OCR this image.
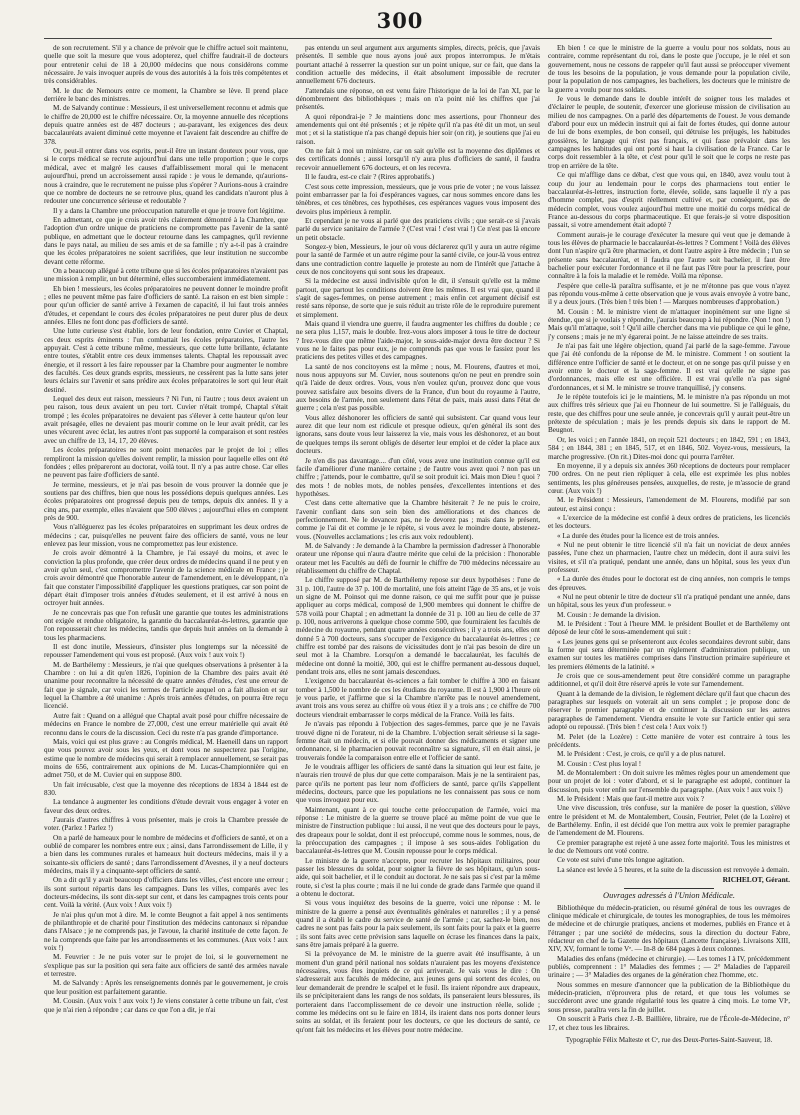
300

de son recrutement. S'il y a chance de prévoir que le chiffre actuel soit maintenu, quelle que soit la mesure que vous adopterez, quel chiffre faudrait-il de docteurs pour entretenir celui de 18 à 20,000 médecins que nous considérons comme nécessaire. Je vais invoquer auprès de vous des autorités à la fois très compétentes et très considérables.

M. le duc de Nemours entre ce moment, la Chambre se lève. Il prend place derrière le banc des ministres.

M. de Salvandy continue : Messieurs, il est universellement reconnu et admis que le chiffre de 20,000 est le chiffre nécessaire. Or, la moyenne annuelle des réceptions depuis quatre années est de 487 docteurs ; au-paravant, les exigences des deux baccalauréats avaient diminué cette moyenne et l'avaient fait descendre au chiffre de 378.

Or, peut-il entrer dans vos esprits, peut-il être un instant douteux pour vous, que si le corps médical se recrute aujourd'hui dans une telle proportion ; que le corps médical, avec et malgré les causes d'affaiblissement moral qui le menacent aujourd'hui, prend un accroissement aussi rapide : je vous le demande, qu'aurions-nous à craindre, que le recrutement ne puisse plus s'opérer ? Aurions-nous à craindre que ce nombre de docteurs ne se retrouve plus, quand les candidats n'auront plus à redouter une concurrence sérieuse et redoutable ?

Il y a dans la Chambre une préoccupation naturelle et que je trouve fort légitime.

En admettant, ce que je crois avoir très clairement démontré à la Chambre, que l'adoption d'un ordre unique de praticiens ne compromette pas l'avenir de la santé publique, en admettant que le docteur retourne dans les campagnes, qu'il revienne dans le pays natal, au milieu de ses amis et de sa famille ; n'y a-t-il pas à craindre que les écoles préparatoires ne soient sacrifiées, que leur institution ne succombe devant cette réforme.

On a beaucoup allégué à cette tribune que si les écoles préparatoires n'avaient pas une mission à remplir, un but déterminé, elles succomberaient immédiatement.

Eh bien ! messieurs, les écoles préparatoires ne peuvent donner le moindre profit ; elles ne peuvent même pas faire d'officiers de santé. La raison en est bien simple : pour qu'un officier de santé arrive à l'examen de capacité, il lui faut trois années d'études, et cependant le cours des écoles préparatoires ne peut durer plus de deux années. Elles ne font donc pas d'officiers de santé.

Une lutte curieuse s'est établie, lors de leur fondation, entre Cuvier et Chaptal, ces deux esprits éminents : l'un combattait les écoles préparatoires, l'autre les appuyait. C'est à cette tribune même, messieurs, que cette lutte brillante, éclatante entre toutes, s'établit entre ces deux immenses talents. Chaptal les repoussait avec énergie, et il ressort à les faire repousser par la Chambre pour augmenter le nombre des facultés. Ces deux grands esprits, messieurs, ne cessèrent pas la lutte sans jeter leurs éclairs sur l'avenir et sans prédire aux écoles préparatoires le sort qui leur était destiné.

Lequel des deux eut raison, messieurs ? Ni l'un, ni l'autre ; tous deux avaient un peu raison, tous deux avaient un peu tort. Cuvier n'était trompé, Chaptal s'était trompé ; les écoles préparatoires ne devaient pas s'élever à cette hauteur qu'on leur avait présagée, elles ne devaient pas mourir comme on le leur avait prédit, car les unes vécurent avec éclat, les autres n'ont pas supporté la comparaison et sont restées avec un chiffre de 13, 14, 17, 20 élèves.

Les écoles préparatoires ne sont point menacées par le projet de loi ; elles rempliront la mission qu'elles doivent remplir, la mission pour laquelle elles ont été fondées ; elles prépareront au doctorat, voilà tout. Il n'y a pas autre chose. Car elles ne peuvent pas faire d'officiers de santé.

Je termine, messieurs, et je n'ai pas besoin de vous prouver la donnée que je soutiens par des chiffres, bien que nous les possédions depuis quelques années. Les écoles préparatoires ont progressé depuis peu de temps, depuis dix années. Il y a cinq ans, par exemple, elles n'avaient que 500 élèves ; aujourd'hui elles en comptent près de 900.

Vous n'alléguerez pas les écoles préparatoires en supprimant les deux ordres de médecins ; car, puisqu'elles ne peuvent faire des officiers de santé, vous ne leur enlevez pas leur mission, vous ne compromettez pas leur existence.

Je crois avoir démontré à la Chambre, je l'ai essayé du moins, et avec le conviction la plus profonde, que créer deux ordres de médecins quand il ne peut y en avoir qu'un seul, c'est compromettre l'avenir de la science médicale en France ; je crois avoir démontré que l'honorable auteur de l'amendement, en le développant, n'a fait que constater l'impossibilité d'appliquer les questions pratiques, car son point de départ était d'imposer trois années d'études seulement, et il est arrivé à nous en octroyer huit années.

Je ne concevrais pas que l'on refusât une garantie que toutes les administrations ont exigée et rendue obligatoire, la garantie du baccalauréat-ès-lettres, garantie que l'on repousserait chez les médecins, tandis que depuis huit années on la demande à tous les pharmaciens.

Il est donc inutile, Messieurs, d'insister plus longtemps sur la nécessité de repousser l'amendement qui vous est proposé. (Aux voix ! aux voix !)

M. de Barthélemy : Messieurs, je n'ai que quelques observations à présenter à la Chambre : on lui a dit qu'en 1826, l'opinion de la Chambre des pairs avait été unanime pour reconnaître la nécessité de quatre années d'études, c'est une erreur de fait que je signale, car voici les termes de l'article auquel on a fait allusion et sur lequel la Chambre a été unanime : Après trois années d'études, on pourra être reçu licencié.

Autre fait : Quand on a allégué que Chaptal avait posé pour chiffre nécessaire de médecins en France le nombre de 27,000, c'est une erreur matérielle qui avait été reconnu dans le cours de la discussion. Ceci du reste n'a pas grande d'importance.

Mais, voici qui est plus grave : au Congrès médical, M. Haeneill dans un rapport que vous pouvez avoir sous les yeux, et dont vous ne suspecterez pas l'origine, estime que le nombre de médecins qui serait à remplacer annuellement, se serait pas moins de 656, contrairement aux opinions de M. Lucas-Championnière qui en admet 750, et de M. Cuvier qui en suppose 800.

Un fait irrécusable, c'est que la moyenne des réceptions de 1834 à 1844 est de 830.

La tendance à augmenter les conditions d'étude devrait vous engager à voter en faveur des deux ordres.

J'aurais d'autres chiffres à vous présenter, mais je crois la Chambre pressée de voter. (Parlez ! Parlez !)

On a parlé de hameaux pour le nombre de médecins et d'officiers de santé, et on a oublié de comparer les nombres entre eux ; ainsi, dans l'arrondissement de Lille, il y a bien dans les communes rurales et hameaux huit docteurs médecins, mais il y a soixante-six officiers de santé ; dans l'arrondissement d'Avesnes, il y a neuf docteurs médecins, mais il y a cinquante-sept officiers de santé.

On a dit qu'il y avait beaucoup d'officiers dans les villes, c'est encore une erreur ; ils sont surtout répartis dans les campagnes. Dans les villes, comparés avec les docteurs-médecins, ils sont dix-sept sur cent, et dans les campagnes trois cents pour cent. Voilà la vérité. (Aux voix ! Aux voix !)

Je n'ai plus qu'un mot à dire. M. le comte Beugnot a fait appel à nos sentiments de philanthropie et de charité pour l'institution des médecins cantonaux si répandue dans l'Alsace ; je ne comprends pas, je l'avoue, la charité instituée de cette façon. Je ne la comprends que faite par les arrondissements et les communes. (Aux voix ! aux voix !)

M. Feuvrier : Je ne puis voter sur le projet de loi, si le gouvernement ne s'explique pas sur la position qui sera faite aux officiers de santé des armées navale et terrestre.

M. de Salvandy : Après les renseignements donnés par le gouvernement, je crois que leur position est parfaitement garantie.

M. Cousin. (Aux voix ! aux voix !) Je viens constater à cette tribune un fait, c'est que je n'ai rien à répondre ; car dans ce que l'on a dit, je n'ai

pas entendu un seul argument aux arguments simples, directs, précis, que j'avais présentés. Il semble que nous ayons joué aux propos interrompus. Je m'étais pourtant attaché à resserrer la question sur un point unique, sur ce fait, que dans la condition actuelle des médecins, il était absolument impossible de recruter annuellement 676 docteurs.

J'attendais une réponse, on est venu faire l'historique de la loi de l'an XI, par le dénombrement des bibliothèques ; mais on n'a point nié les chiffres que j'ai présentés.

A quoi répondrai-je ? Je maintiens donc mes assertions, pour l'honneur des amendements qui ont été présentés ; et je répète qu'il n'a pas été dit un mot, un seul mot ; et si la statistique n'a pas changé depuis hier soir (on rit), je soutiens que j'ai eu raison.

On ne fait à moi un ministre, car on sait qu'elle est la moyenne des diplômes et des certificats donnés ; aussi lorsqu'il n'y aura plus d'officiers de santé, il faudra recevoir annuellement 676 docteurs, et on les recevra.

Il le faudra, est-ce clair ? (Rires approbatifs.)

C'est sous cette impression, messieurs, que je vous prie de voter ; ne vous laissez point embarrasser par la foi d'espérances vagues, car nous sommes encore dans les ténèbres, et ces ténèbres, ces hypothèses, ces espérances vagues vous imposent des devoirs plus impérieux à remplir.

Et cependant je ne vous ai parlé que des praticiens civils ; que serait-ce si j'avais parlé du service sanitaire de l'armée ? (C'est vrai ! c'est vrai !) Ce n'est pas là encore un petit obstacle.

Songez-y bien, Messieurs, le jour où vous déclarerez qu'il y aura un autre régime pour la santé de l'armée et un autre régime pour la santé civile, ce jour-là vous entrez dans une contradiction contre laquelle je proteste au nom de l'intérêt que j'attache à ceux de nos concitoyens qui sont sous les drapeaux.

Si la médecine est aussi indivisible qu'on le dit, il s'ensuit qu'elle est la même partout, que partout les conditions doivent être les mêmes. Il est vrai que, quand il s'agit de sages-femmes, on pense autrement ; mais enfin cet argument décisif est resté sans réponse, de sorte que je suis réduit au triste rôle de le reproduire purement et simplement.

Mais quand il viendra une guerre, il faudra augmenter les chiffres du double ; ce ne sera plus 1,157, mais le double. Irez-vous alors imposer à tous le titre de docteur ? Irez-vous dire que même l'aide-major, le sous-aide-major devra être docteur ? Si vous ne le faites pas pour eux, je ne comprends pas que vous le fassiez pour les praticiens des petites villes et des campagnes.

La santé de nos concitoyens est la même ; nous, M. Flourens, d'autres et moi, nous nous appuyons sur M. Cuvier, nous soutenons qu'on ne peut en prendre soin qu'à l'aide de deux ordres. Vous, vous n'en voulez qu'un, prouvez donc que vous pouvez satisfaire aux besoins divers de la France, d'un bout du royaume à l'autre, aux besoins de l'armée, non seulement dans l'état de paix, mais aussi dans l'état de guerre ; cela n'est pas possible.

Vous allez déshonorer les officiers de santé qui subsistent. Car quand vous leur aurez dit que leur nom est ridicule et presque odieux, qu'en général ils sont des ignorans, sans doute vous leur laisserez la vie, mais vous les déshonorez, et au bout de quelques temps ils seront obligés de déserter leur emploi et de céder la place aux docteurs.

Je n'en dis pas davantage.... d'un côté, vous avez une institution connue qu'il est facile d'améliorer d'une manière certaine ; de l'autre vous avez quoi ? non pas un chiffre ; j'attends, pour le combattre, qu'il se soit produit ici. Mais mon Dieu ! quoi ? des mots ! de nobles mots, de nobles pensées, d'excellentes intentions et des hypothèses.

C'est dans cette alternative que la Chambre hésiterait ? Je ne puis le croire, l'avenir confiant dans son sein bien des améliorations et des chances de perfectionnement. Ne le devancez pas, ne le devorez pas ; mais dans le présent, comme je l'ai dit et comme je le répète, si vous avez le moindre doute, abstenez-vous. (Nouvelles acclamations ; les cris aux voix redoublent).

M. de Salvandy : Je demande à la Chambre la permission d'adresser à l'honorable orateur une réponse qui n'aura d'autre mérite que celui de la précision : l'honorable orateur met les Facultés au défi de fournir le chiffre de 700 médecins nécessaire au rétablissement du chiffre de Chaptal.

Le chiffre supposé par M. de Barthélemy repose sur deux hypothèses : l'une de 31 p. 100, l'autre de 37 p. 100 de mortalité, une fois atteint l'âge de 35 ans, et je vois un signe de M. Poinsot qui me donne raison, ce qui me suffit pour que je puisse appliquer au corps médical, composé de 1,900 membres qui donnent le chiffre de 578 voilà pour Chaptal ; en admettant la donnée de 31 p. 100 au lieu de celle de 37 p. 100, nous arriverons à quelque chose comme 500, que fourniraient les facultés de médecine du royaume, pendant quatre années consécutives ; il y a trois ans, elles ont donné 5 à 700 docteurs, sans s'occuper de l'exigence du baccalauréat ès-lettres ; ce chiffre est tombé par des raisons de vicissitudes dont je n'ai pas besoin de dire un seul mot à la Chambre. Lorsqu'on a demandé le baccalauréat, les facultés de médecine ont donné la moitié, 300, qui est le chiffre permanent au-dessous duquel, pendant trois ans, elles ne sont jamais descendues.

L'exigence du baccalauréat ès-sciences a fait tomber le chiffre à 300 en faisant tomber à 1,500 le nombre de ces les étudians du royaume. Il est à 1,900 à l'heure où je vous parle, et j'affirme que si la Chambre n'arrête pas le nouvel amendement, avant trois ans vous serez au chiffre où vous étiez il y a trois ans ; ce chiffre de 700 docteurs viendrait embarrasser le corps médical de la France. Voilà les faits.

Je n'avais pas répondu à l'objection des sages-femmes, parce que je ne l'avais trouvé digne ni de l'orateur, ni de la Chambre. L'objection serait sérieuse si la sage-femme était un médecin, et si elle pouvait donner des médicaments et signer une ordonnance, si le pharmacien pouvait reconnaître sa signature, s'il en était ainsi, je trouverais fondée la comparaison entre elle et l'officier de santé.

Je le voudrais affliger les officiers de santé dans la situation qui leur est faite, je n'aurais rien trouvé de plus dur que cette comparaison. Mais je ne la sentiraient pas, parce qu'ils ne portent pas leur nom d'officiers de santé, parce qu'ils s'appellent médecins, docteurs, parce que les populations ne les connaissent pas sous ce nom que vous invoquez pour eux.

Maintenant, quant à ce qui touche cette préoccupation de l'armée, voici ma réponse : Le ministre de la guerre se trouve placé au même point de vue que le ministre de l'instruction publique : lui aussi, il ne veut que des docteurs pour le pays, des drapeaux pour le soldat, dont il est préoccupé, comme nous le sommes, nous, de la préoccupation des campagnes ; il impose à ses sous-aides l'obligation du baccalauréat-ès-lettres que M. Cousin repousse pour le corps médical.

Le ministre de la guerre n'accepte, pour recruter les hôpitaux militaires, pour passer les blessures du soldat, pour soigner la fièvre de ses hôpitaux, qu'un sous-aide, qui soit bachelier, et il le conduit au doctorat. Je ne sais pas si c'est par la même route, si c'est la plus courte ; mais il ne lui conde de grade dans l'armée que quand il a obtenu le doctorat.

Si vous vous inquiétez des besoins de la guerre, voici une réponse : M. le ministre de la guerre a pensé aux éventualités générales et naturelles ; il y a pensé quand il a établi le cadre du service de santé de l'armée ; car, sachez-le bien, nos cadres ne sont pas faits pour la paix seulement, ils sont faits pour la paix et la guerre ; ils sont faits avec cette prévision sans laquelle on écrase les finances dans la paix, sans être jamais préparé à la guerre.

Si la prévoyance de M. le ministre de la guerre avait été insuffisante, à un moment d'un grand péril national nos soldats n'auraient pas les moyens d'existence nécessaires, vous êtes inquiets de ce qui arriverait. Je vais vous le dire : On s'adresserait aux facultés de médecine, aux jeunes gens qui sortent des écoles, ou leur demanderait de prendre le scalpel et le fusil. Ils iraient répondre aux drapeaux, ils se précipiteraient dans les rangs de nos soldats, ils panseraient leurs blessures, ils porteraient dans l'accomplissement de ce devoir une instruction réelle, solide ; comme les médecins ont su le faire en 1814, ils iraient dans nos ports donner leurs soins au soldat, et ils feraient pour les docteurs, ce que les docteurs de santé, ce qu'ont fait les médecins et les élèves pour notre médecine.

Eh bien ! ce que le ministre de la guerre a voulu pour nos soldats, nous au contraire, comme représentant du roi, dans le poste que j'occupe, je le réel et son gouvernement, nous ne cessons de rappeler qu'il faut aussi se préoccuper vivement de tous les besoins de la population, je vous demande pour la population civile, pour la population de nos campagnes, les bacheliers, les docteurs que le ministre de la guerre a voulu pour nos soldats.

Je vous le demande dans le double intérêt de soigner tous les malades et d'éclairer le peuple, de soutenir, d'exercer une glorieuse mission de civilisation au milieu de nos campagnes. On a parlé des départements de l'ouest. Je vous demande d'abord pour eux un médecin instruit qui ai fait de fortes études, qui donne autour de lui de bons exemples, de bon conseil, qui détruise les préjugés, les habitudes grossières, le langage qui n'est pas français, et qui fasse prévaloir dans les campagnes les habitudes qui ont porté si haut la civilisation de la France. Car le corps doit ressembler à la tête, et c'est pour qu'il le soit que le corps ne reste pas trop en arrière de la tête.

Ce qui m'afflige dans ce débat, c'est que vous qui, en 1840, avez voulu tout à coup du jour au lendemain pour le corps des pharmaciens tout entier le baccalauréat-ès-lettres, instruction forte, élevée, solide, sans laquelle il n'y a pas d'homme complet, pas d'esprit réellement cultivé et, par conséquent, pas de médecin complet, vous voulez aujourd'hui mettre une moitié du corps médical de France au-dessous du corps pharmaceutique. Et que ferais-je si votre disposition passait, si votre amendement était adopté ?

Comment aurais-je le courage d'exécuter la mesure qui veut que je demande à tous les élèves de pharmacie le baccalauréat-ès-lettres ? Comment ! Voilà des élèves dont l'un n'aspire qu'à être pharmacien, et dont l'autre aspire à être médecin ; l'un se présente sans baccalauréat, et il faudra que l'autre soit bachelier, il faut être bachelier pour exécuter l'ordonnance et il ne faut pas l'être pour la prescrire, pour connaître à la fois la maladie et le remède. Voilà ma réponse.

J'espère que celle-là paraîtra suffisante, et je ne m'étonne pas que vous n'ayez pas répondu vous-même à cette observation que je vous avais envoyée à votre banc, il y a deux jours. (Très bien ! très bien ! — Marques nombreuses d'approbation.)

M. Cousin : M. le ministre vient de m'attaquer inopinément sur une ligne si étendue, que si je voulais y répondre, j'aurais beaucoup à lui répondre. (Non ! non !) Mais qu'il m'attaque, soit ! Qu'il aille chercher dans ma vie publique ce qui le gêne, j'y consens ; mais je ne m'y égarerai point. Je ne laisse atteindre de ses traits.

Je n'ai pas fait une légère objection, quand j'ai parlé de la sage-femme. J'avoue que j'ai été confondu de la réponse de M. le ministre. Comment ! on soutient la différence entre l'officier de santé et le docteur, et on ne songe pas qu'il puisse y en avoir entre le docteur et la sage-femme. Il est vrai qu'elle ne signe pas d'ordonnances, mais elle est une officière. Il est vrai qu'elle n'a pas signé d'ordonnances, et si M. le ministre se trouve tranquillisé, j'y consens.

Je le répète toutefois ici je le maintiens, M. le ministre n'a pas répondu un mot aux chiffres très sérieux que j'ai eu l'honneur de lui soumettre. Si je l'alléguais, du reste, que des chiffres pour une seule année, je concevrais qu'il y aurait peut-être un prétexte de spéculation ; mais je les prends depuis six dans le rapport de M. Beugnot.

Or, les voici ; en l'année 1841, on reçoit 521 docteurs ; en 1842, 591 ; en 1843, 584 ; en 1844, 381 ; en 1845, 517, et en 1846, 502. Voyez-vous, messieurs, la marche progressive. (On rit.) Dites-moi donc qui pourra l'arrêter.

En moyenne, il y a depuis six années 360 réceptions de docteurs pour remplacer 700 ordres. On ne peut rien répliquer à cela, elle est exprimée les plus nobles sentiments, les plus généreuses pensées, auxquelles, de reste, je m'associe de grand cœur. (Aux voix !)

M. le Président : Messieurs, l'amendement de M. Flourens, modifié par son auteur, est ainsi conçu :

« L'exercice de la médecine est confié à deux ordres de praticiens, les licenciés et les docteurs.

« La durée des études pour la licence est de trois années.

« Nul ne peut obtenir le titre licencié s'il n'a fait un noviciat de deux années passées, l'une chez un pharmacien, l'autre chez un médecin, dont il aura suivi les visites, et s'il n'a pratiqué, pendant une année, dans un hôpital, sous les yeux d'un professeur.

« La durée des études pour le doctorat est de cinq années, non compris le temps des épreuves.

« Nul ne peut obtenir le titre de docteur s'il n'a pratiqué pendant une année, dans un hôpital, sous les yeux d'un professeur. »

M. Cousin : Je demande la division.

M. le Président : Tout à l'heure MM. le président Boullet et de Barthélemy ont déposé de leur côté le sous-amendement qui suit :

« Les jeunes gens qui se présenteront aux écoles secondaires devront subir, dans la forme qui sera déterminée par un règlement d'administration publique, un examen sur toutes les matières comprises dans l'instruction primaire supérieure et les premiers éléments de la latinité. »

Je crois que ce sous-amendement peut être considéré comme un paragraphe additionnel, et qu'il doit être réservé après le vote sur l'amendement.

Quant à la demande de la division, le règlement déclare qu'il faut que chacun des paragraphes sur lesquels on voterait ait un sens complet ; je propose donc de réserver le premier paragraphe et de continuer la discussion sur les autres paragraphes de l'amendement. Viendra ensuite le vote sur l'article entier qui sera adopté ou repoussé. (Très bien ! c'est cela ! Aux voix !)

M. Pelet (de la Lozère) : Cette manière de voter est contraire à tous les précédents.

M. le Président : C'est, je crois, ce qu'il y a de plus naturel.

M. Cousin : C'est plus loyal !

M. de Montalembert : On doit suivre les mêmes règles pour un amendement que pour un projet de loi : voter d'abord, et si le paragraphe est adopté, continuer la discussion, puis voter enfin sur l'ensemble du paragraphe. (Aux voix ! aux voix !)

M. le Président : Mais que faut-il mettre aux voix ?

Une vive discussion, très confuse, sur la manière de poser la question, s'élève entre le président et M. de Montalembert, Cousin, Feutrier, Pelet (de la Lozère) et de Barthélemy. Enfin, il est décidé que l'on mettra aux voix le premier paragraphe de l'amendement de M. Flourens.

Ce premier paragraphe est rejeté à une assez forte majorité. Tous les ministres et le duc de Nemours ont voté contre.

Ce vote est suivi d'une très longue agitation.

La séance est levée à 5 heures, et la suite de la discussion est renvoyée à demain.

RICHELOT, Gérant.
Ouvrages adressés à l'Union Médicale.

Bibliothèque du médecin-praticien, ou résumé général de tous les ouvrages de clinique médicale et chirurgicale, de toutes les monographies, de tous les mémoires de médecine et de chirurgie pratiques, anciens et modernes, publiés en France et à l'étranger ; par une société de médecins, sous la direction du docteur Fabre, rédacteur en chef de la Gazette des hôpitaux (Lancette française). Livraisons XIII, XIV, XV, formant le tome Vᵉ. — In-8 de 684 pages à deux colonnes.

Maladies des enfans (médecine et chirurgie). — Les tomes I à IV, précédemment publiés, comprennent : 1° Maladies des femmes ; — 2° Maladies de l'appareil urinaire ; — 3° Maladies des organes de la génération chez l'homme, etc.

Nous sommes en mesure d'annoncer que la publication de la Bibliothèque du médecin-praticien, n'éprouvera plus de retard, et que tous les volumes se succéderont avec une grande régularité tous les quatre à cinq mois. Le tome VIᵉ, sous presse, paraîtra vers la fin de juillet.

On souscrit à Paris chez J.-B. Baillière, libraire, rue de l'École-de-Médecine, n° 17, et chez tous les libraires.

Typographie Félix Malteste et Cᵉ, rue des Deux-Portes-Saint-Sauveur, 18.
